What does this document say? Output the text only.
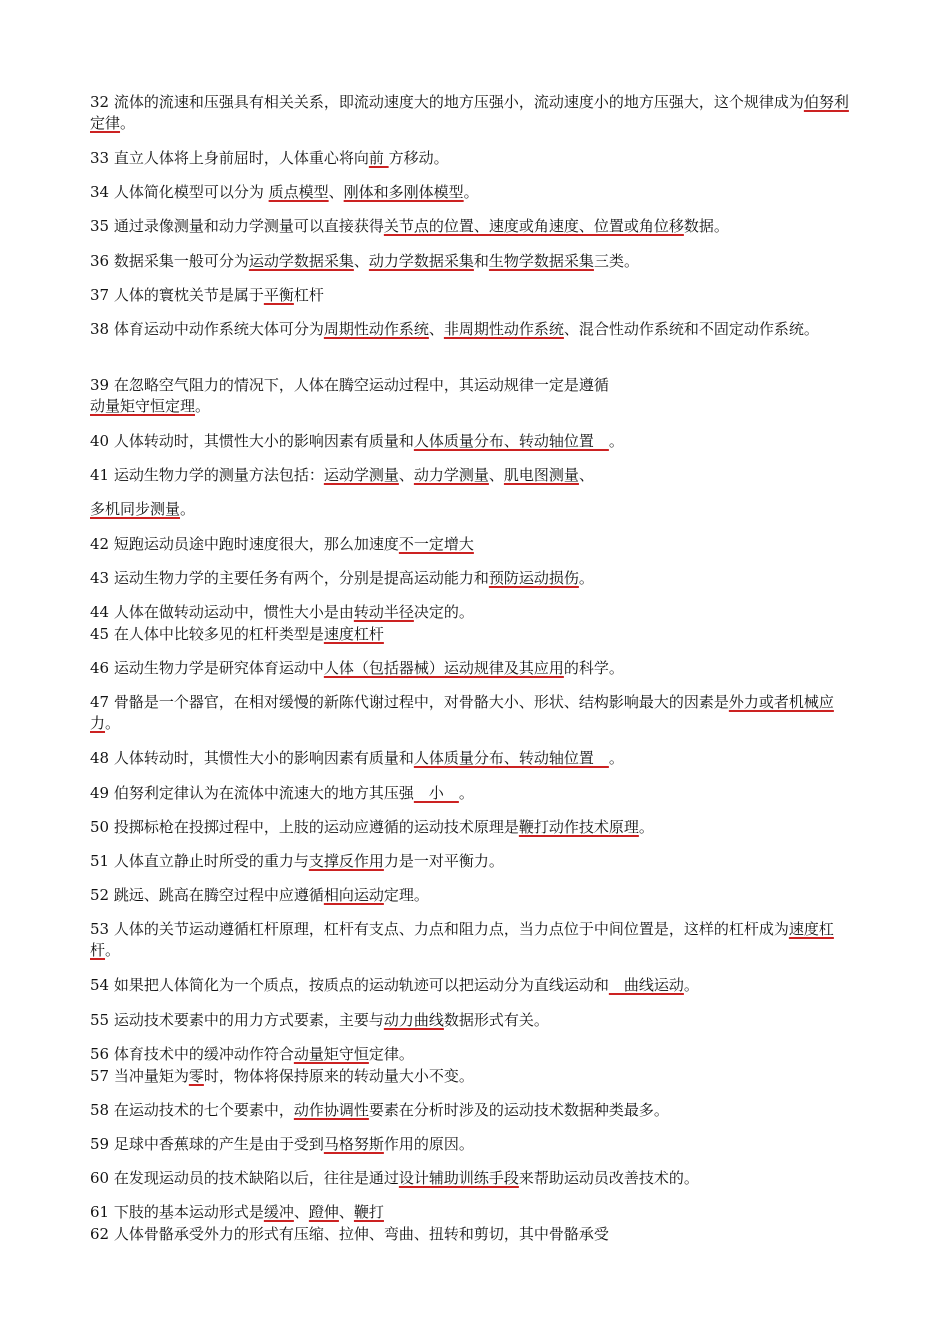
32 流体的流速和压强具有相关关系，即流动速度大的地方压强小，流动速度小的地方压强大，这个规律成为伯努利定律。
33 直立人体将上身前屈时，人体重心将向前 方移动。
34 人体简化模型可以分为 质点模型、刚体和多刚体模型。
35 通过录像测量和动力学测量可以直接获得关节点的位置、速度或角速度、位置或角位移数据。
36 数据采集一般可分为运动学数据采集、动力学数据采集和生物学数据采集三类。
37 人体的寰枕关节是属于平衡杠杆
38 体育运动中动作系统大体可分为周期性动作系统、非周期性动作系统、混合性动作系统和不固定动作系统。
39 在忽略空气阻力的情况下，人体在腾空运动过程中，其运动规律一定是遵循
动量矩守恒定理。
40 人体转动时，其惯性大小的影响因素有质量和人体质量分布、转动轴位置　。
41 运动生物力学的测量方法包括：运动学测量、动力学测量、肌电图测量、
多机同步测量。
42 短跑运动员途中跑时速度很大，那么加速度不一定增大
43 运动生物力学的主要任务有两个，分别是提高运动能力和预防运动损伤。
44 人体在做转动运动中，惯性大小是由转动半径决定的。
45 在人体中比较多见的杠杆类型是速度杠杆
46 运动生物力学是研究体育运动中人体（包括器械）运动规律及其应用的科学。
47 骨骼是一个器官，在相对缓慢的新陈代谢过程中，对骨骼大小、形状、结构影响最大的因素是外力或者机械应力。
48 人体转动时，其惯性大小的影响因素有质量和人体质量分布、转动轴位置　。
49 伯努利定律认为在流体中流速大的地方其压强　小　。
50 投掷标枪在投掷过程中，上肢的运动应遵循的运动技术原理是鞭打动作技术原理。
51 人体直立静止时所受的重力与支撑反作用力是一对平衡力。
52 跳远、跳高在腾空过程中应遵循相向运动定理。
53 人体的关节运动遵循杠杆原理，杠杆有支点、力点和阻力点，当力点位于中间位置是，这样的杠杆成为速度杠杆。
54 如果把人体简化为一个质点，按质点的运动轨迹可以把运动分为直线运动和　曲线运动。
55 运动技术要素中的用力方式要素，主要与动力曲线数据形式有关。
56 体育技术中的缓冲动作符合动量矩守恒定律。
57 当冲量矩为零时，物体将保持原来的转动量大小不变。
58 在运动技术的七个要素中，动作协调性要素在分析时涉及的运动技术数据种类最多。
59 足球中香蕉球的产生是由于受到马格努斯作用的原因。
60 在发现运动员的技术缺陷以后，往往是通过设计辅助训练手段来帮助运动员改善技术的。
61 下肢的基本运动形式是缓冲、蹬伸、鞭打
62 人体骨骼承受外力的形式有压缩、拉伸、弯曲、扭转和剪切，其中骨骼承受
